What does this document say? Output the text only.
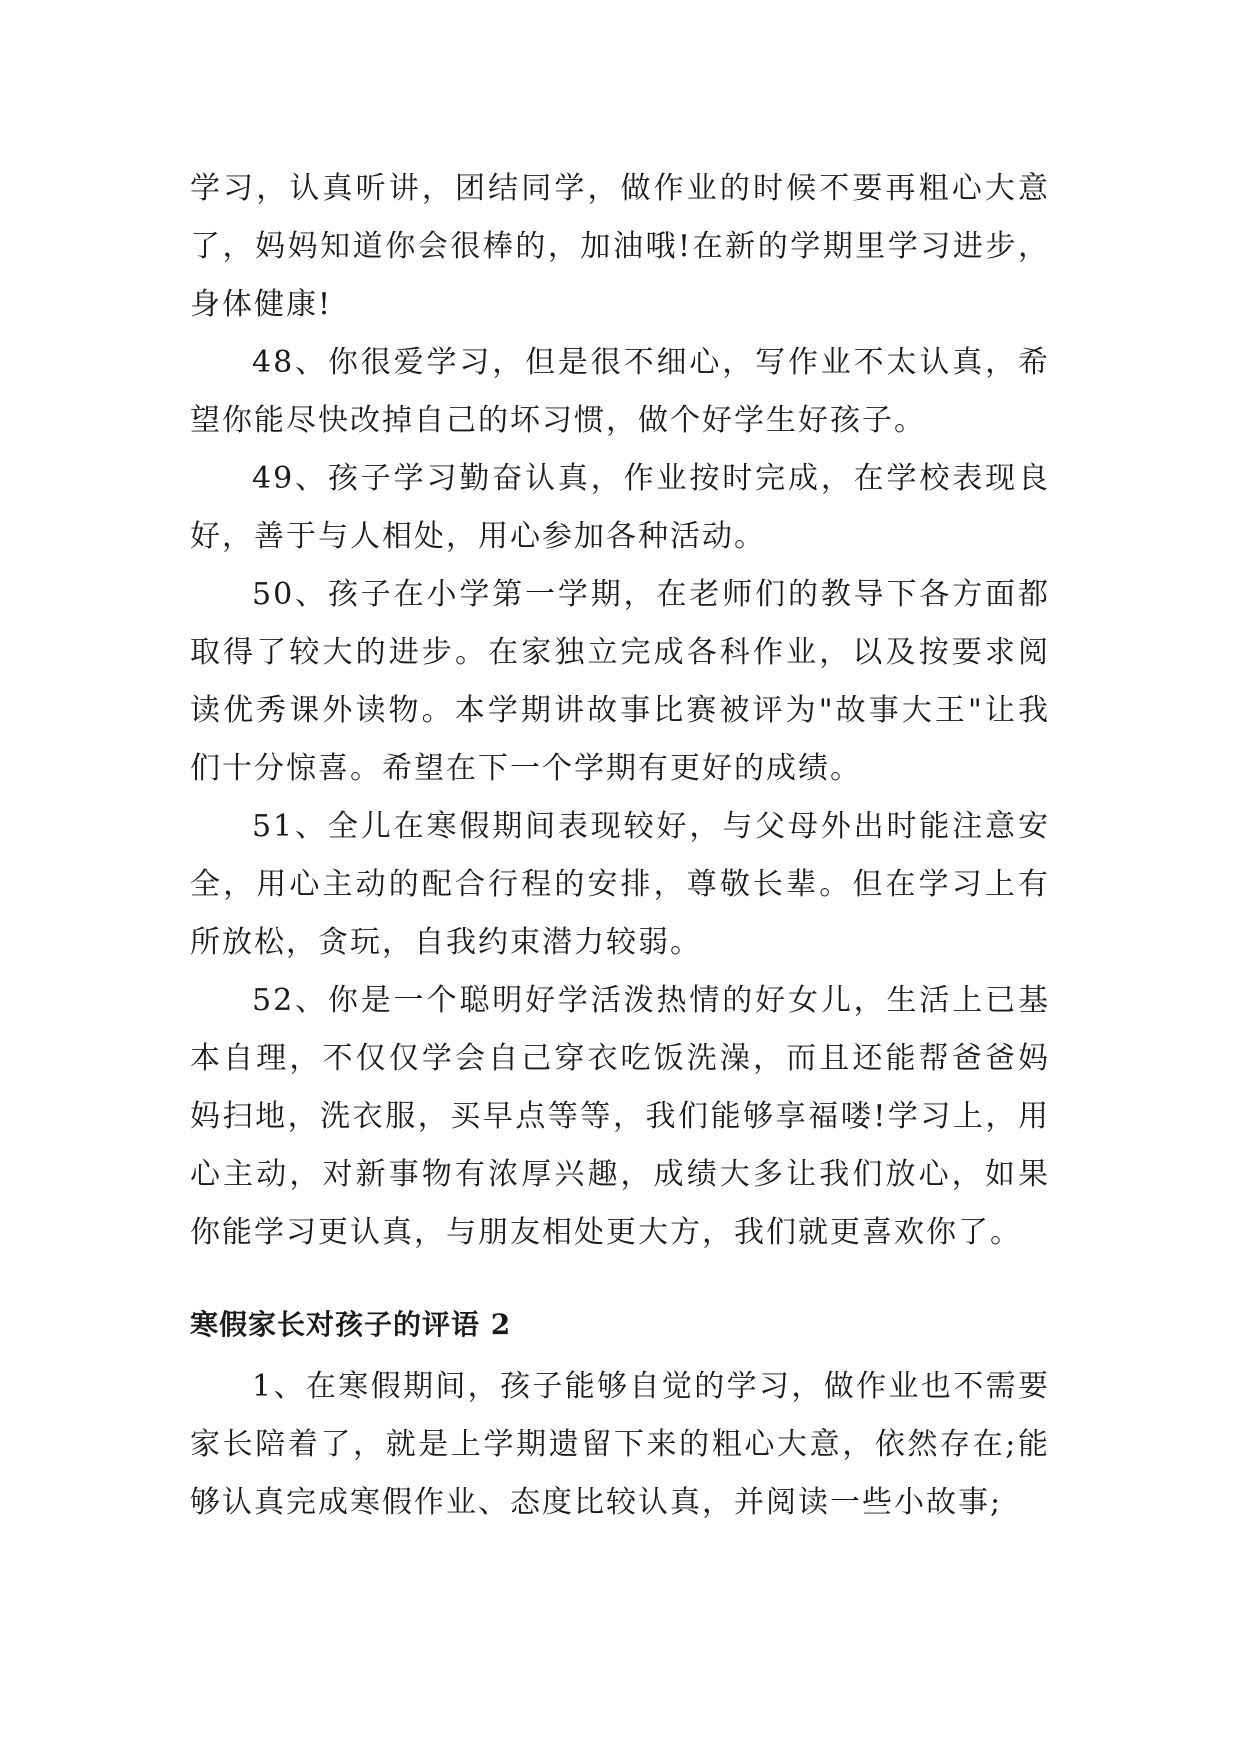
学习，认真听讲，团结同学，做作业的时候不要再粗心大意了，妈妈知道你会很棒的，加油哦!在新的学期里学习进步，身体健康!

48、你很爱学习，但是很不细心，写作业不太认真，希望你能尽快改掉自己的坏习惯，做个好学生好孩子。

49、孩子学习勤奋认真，作业按时完成，在学校表现良好，善于与人相处，用心参加各种活动。

50、孩子在小学第一学期，在老师们的教导下各方面都取得了较大的进步。在家独立完成各科作业，以及按要求阅读优秀课外读物。本学期讲故事比赛被评为"故事大王"让我们十分惊喜。希望在下一个学期有更好的成绩。

51、全儿在寒假期间表现较好，与父母外出时能注意安全，用心主动的配合行程的安排，尊敬长辈。但在学习上有所放松，贪玩，自我约束潜力较弱。

52、你是一个聪明好学活泼热情的好女儿，生活上已基本自理，不仅仅学会自己穿衣吃饭洗澡，而且还能帮爸爸妈妈扫地，洗衣服，买早点等等，我们能够享福喽!学习上，用心主动，对新事物有浓厚兴趣，成绩大多让我们放心，如果你能学习更认真，与朋友相处更大方，我们就更喜欢你了。

寒假家长对孩子的评语 2

1、在寒假期间，孩子能够自觉的学习，做作业也不需要家长陪着了，就是上学期遗留下来的粗心大意，依然存在;能够认真完成寒假作业、态度比较认真，并阅读一些小故事;
